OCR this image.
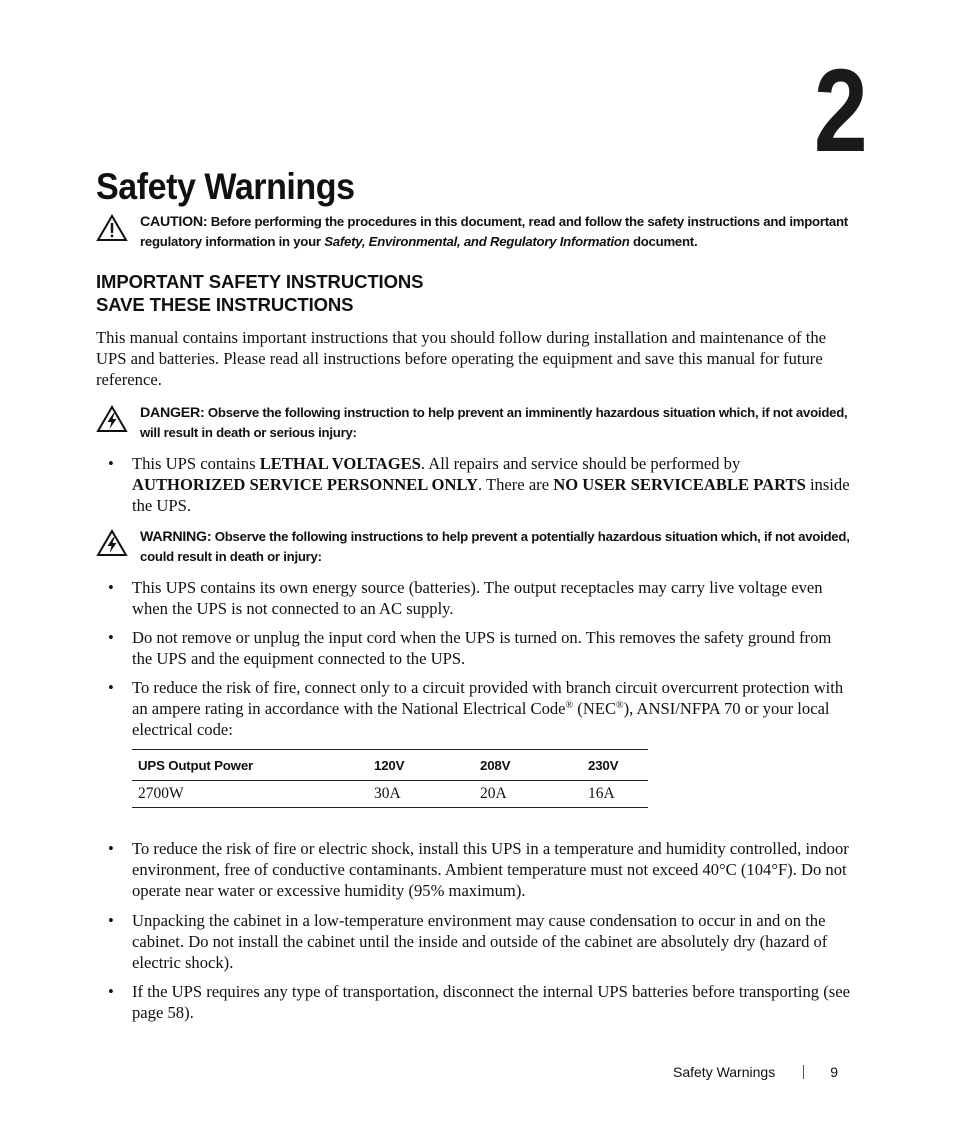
2
Safety Warnings
CAUTION: Before performing the procedures in this document, read and follow the safety instructions and important regulatory information in your Safety, Environmental, and Regulatory Information document.
IMPORTANT SAFETY INSTRUCTIONS
SAVE THESE INSTRUCTIONS
This manual contains important instructions that you should follow during installation and maintenance of the UPS and batteries. Please read all instructions before operating the equipment and save this manual for future reference.
DANGER: Observe the following instruction to help prevent an imminently hazardous situation which, if not avoided, will result in death or serious injury:
• This UPS contains LETHAL VOLTAGES. All repairs and service should be performed by AUTHORIZED SERVICE PERSONNEL ONLY. There are NO USER SERVICEABLE PARTS inside the UPS.
WARNING: Observe the following instructions to help prevent a potentially hazardous situation which, if not avoided, could result in death or injury:
• This UPS contains its own energy source (batteries). The output receptacles may carry live voltage even when the UPS is not connected to an AC supply.
• Do not remove or unplug the input cord when the UPS is turned on. This removes the safety ground from the UPS and the equipment connected to the UPS.
• To reduce the risk of fire, connect only to a circuit provided with branch circuit overcurrent protection with an ampere rating in accordance with the National Electrical Code® (NEC®), ANSI/NFPA 70 or your local electrical code:
UPS Output Power	120V	208V	230V
2700W	30A	20A	16A
• To reduce the risk of fire or electric shock, install this UPS in a temperature and humidity controlled, indoor environment, free of conductive contaminants. Ambient temperature must not exceed 40°C (104°F). Do not operate near water or excessive humidity (95% maximum).
• Unpacking the cabinet in a low-temperature environment may cause condensation to occur in and on the cabinet. Do not install the cabinet until the inside and outside of the cabinet are absolutely dry (hazard of electric shock).
• If the UPS requires any type of transportation, disconnect the internal UPS batteries before transporting (see page 58).
Safety Warnings	9
